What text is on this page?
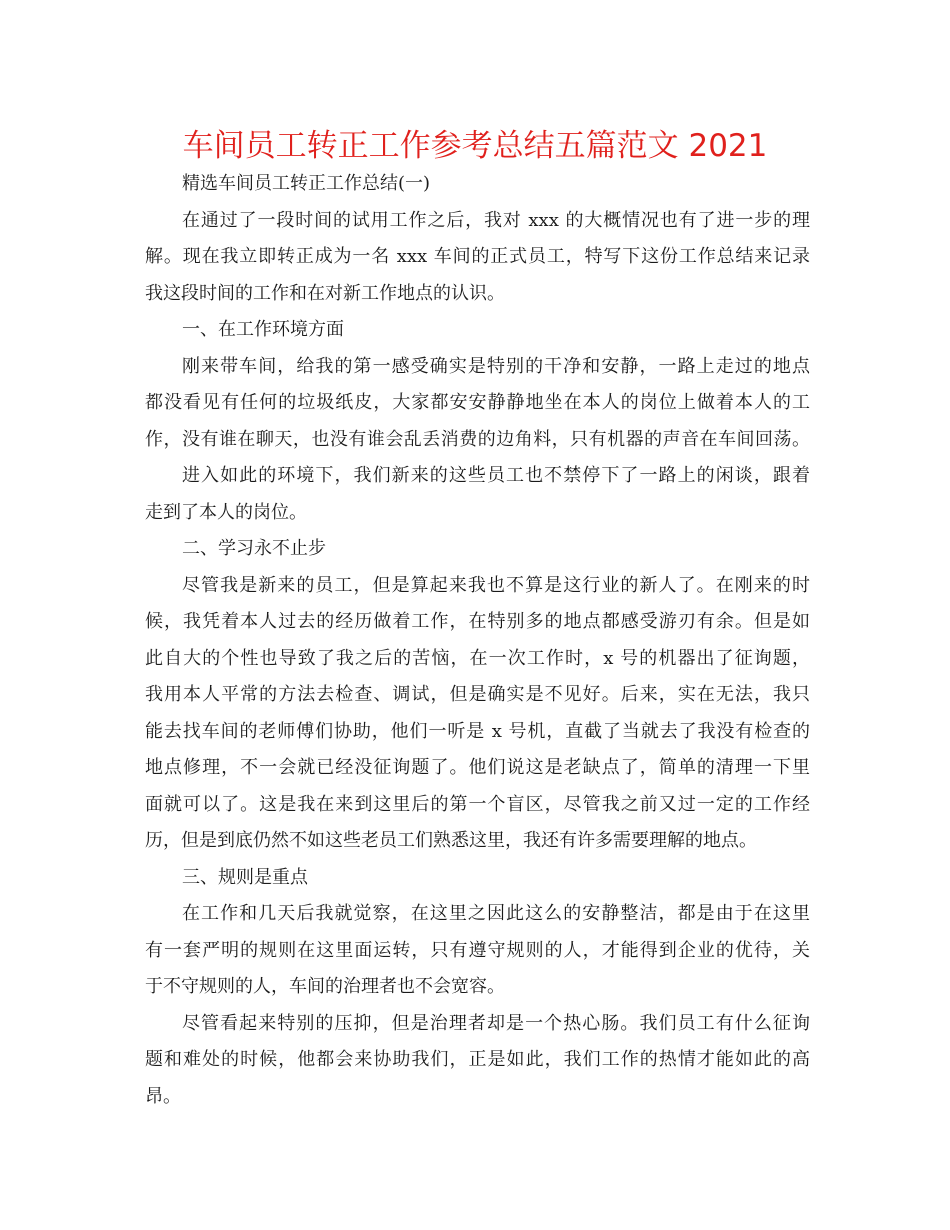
车间员工转正工作参考总结五篇范文 2021
精选车间员工转正工作总结(一)
在通过了一段时间的试用工作之后，我对 xxx 的大概情况也有了进一步的理
解。现在我立即转正成为一名 xxx 车间的正式员工，特写下这份工作总结来记录
我这段时间的工作和在对新工作地点的认识。
一、在工作环境方面
刚来带车间，给我的第一感受确实是特别的干净和安静，一路上走过的地点
都没看见有任何的垃圾纸皮，大家都安安静静地坐在本人的岗位上做着本人的工
作，没有谁在聊天，也没有谁会乱丢消费的边角料，只有机器的声音在车间回荡。
进入如此的环境下，我们新来的这些员工也不禁停下了一路上的闲谈，跟着
走到了本人的岗位。
二、学习永不止步
尽管我是新来的员工，但是算起来我也不算是这行业的新人了。在刚来的时
候，我凭着本人过去的经历做着工作，在特别多的地点都感受游刃有余。但是如
此自大的个性也导致了我之后的苦恼，在一次工作时，x 号的机器出了征询题，
我用本人平常的方法去检查、调试，但是确实是不见好。后来，实在无法，我只
能去找车间的老师傅们协助，他们一听是 x 号机，直截了当就去了我没有检查的
地点修理，不一会就已经没征询题了。他们说这是老缺点了，简单的清理一下里
面就可以了。这是我在来到这里后的第一个盲区，尽管我之前又过一定的工作经
历，但是到底仍然不如这些老员工们熟悉这里，我还有许多需要理解的地点。
三、规则是重点
在工作和几天后我就觉察，在这里之因此这么的安静整洁，都是由于在这里
有一套严明的规则在这里面运转，只有遵守规则的人，才能得到企业的优待，关
于不守规则的人，车间的治理者也不会宽容。
尽管看起来特别的压抑，但是治理者却是一个热心肠。我们员工有什么征询
题和难处的时候，他都会来协助我们，正是如此，我们工作的热情才能如此的高
昂。
